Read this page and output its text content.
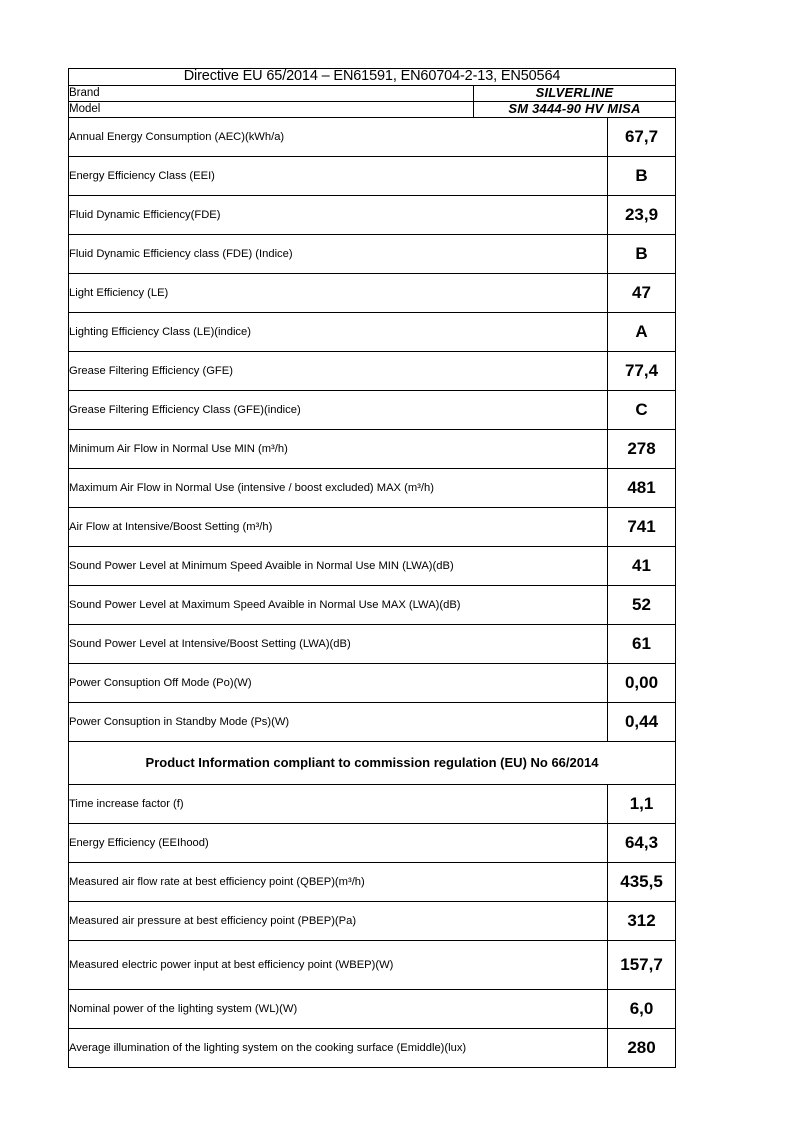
Directive EU 65/2014 – EN61591, EN60704-2-13, EN50564		
Brand	SILVERLINE	
Model	SM 3444-90 HV MISA	
Annual Energy Consumption (AEC)(kWh/a)		67,7
Energy Efficiency Class (EEI)		B
Fluid Dynamic Efficiency(FDE)		23,9
Fluid Dynamic Efficiency class (FDE) (Indice)		B
Light Efficiency (LE)		47
Lighting Efficiency Class (LE)(indice)		A
Grease Filtering Efficiency (GFE)		77,4
Grease Filtering Efficiency Class (GFE)(indice)		C
Minimum Air Flow in Normal Use MIN (m³/h)		278
Maximum Air Flow in Normal Use (intensive / boost excluded) MAX (m³/h)		481
Air Flow at Intensive/Boost Setting (m³/h)		741
Sound Power Level at Minimum Speed Avaible in Normal Use MIN (LWA)(dB)		41
Sound Power Level at Maximum Speed Avaible in Normal Use MAX (LWA)(dB)		52
Sound Power Level at Intensive/Boost Setting (LWA)(dB)		61
Power Consuption Off Mode (Po)(W)		0,00
Power Consuption in Standby Mode (Ps)(W)		0,44
Product Information compliant to commission regulation (EU) No 66/2014		
Time increase factor (f)		1,1
Energy Efficiency (EEIhood)		64,3
Measured air flow rate at best efficiency point (QBEP)(m³/h)		435,5
Measured air pressure at best efficiency point (PBEP)(Pa)		312
Measured electric power input at best efficiency point (WBEP)(W)		157,7
Nominal power of the lighting system (WL)(W)		6,0
Average illumination of the lighting system on the cooking surface (Emiddle)(lux)		280
